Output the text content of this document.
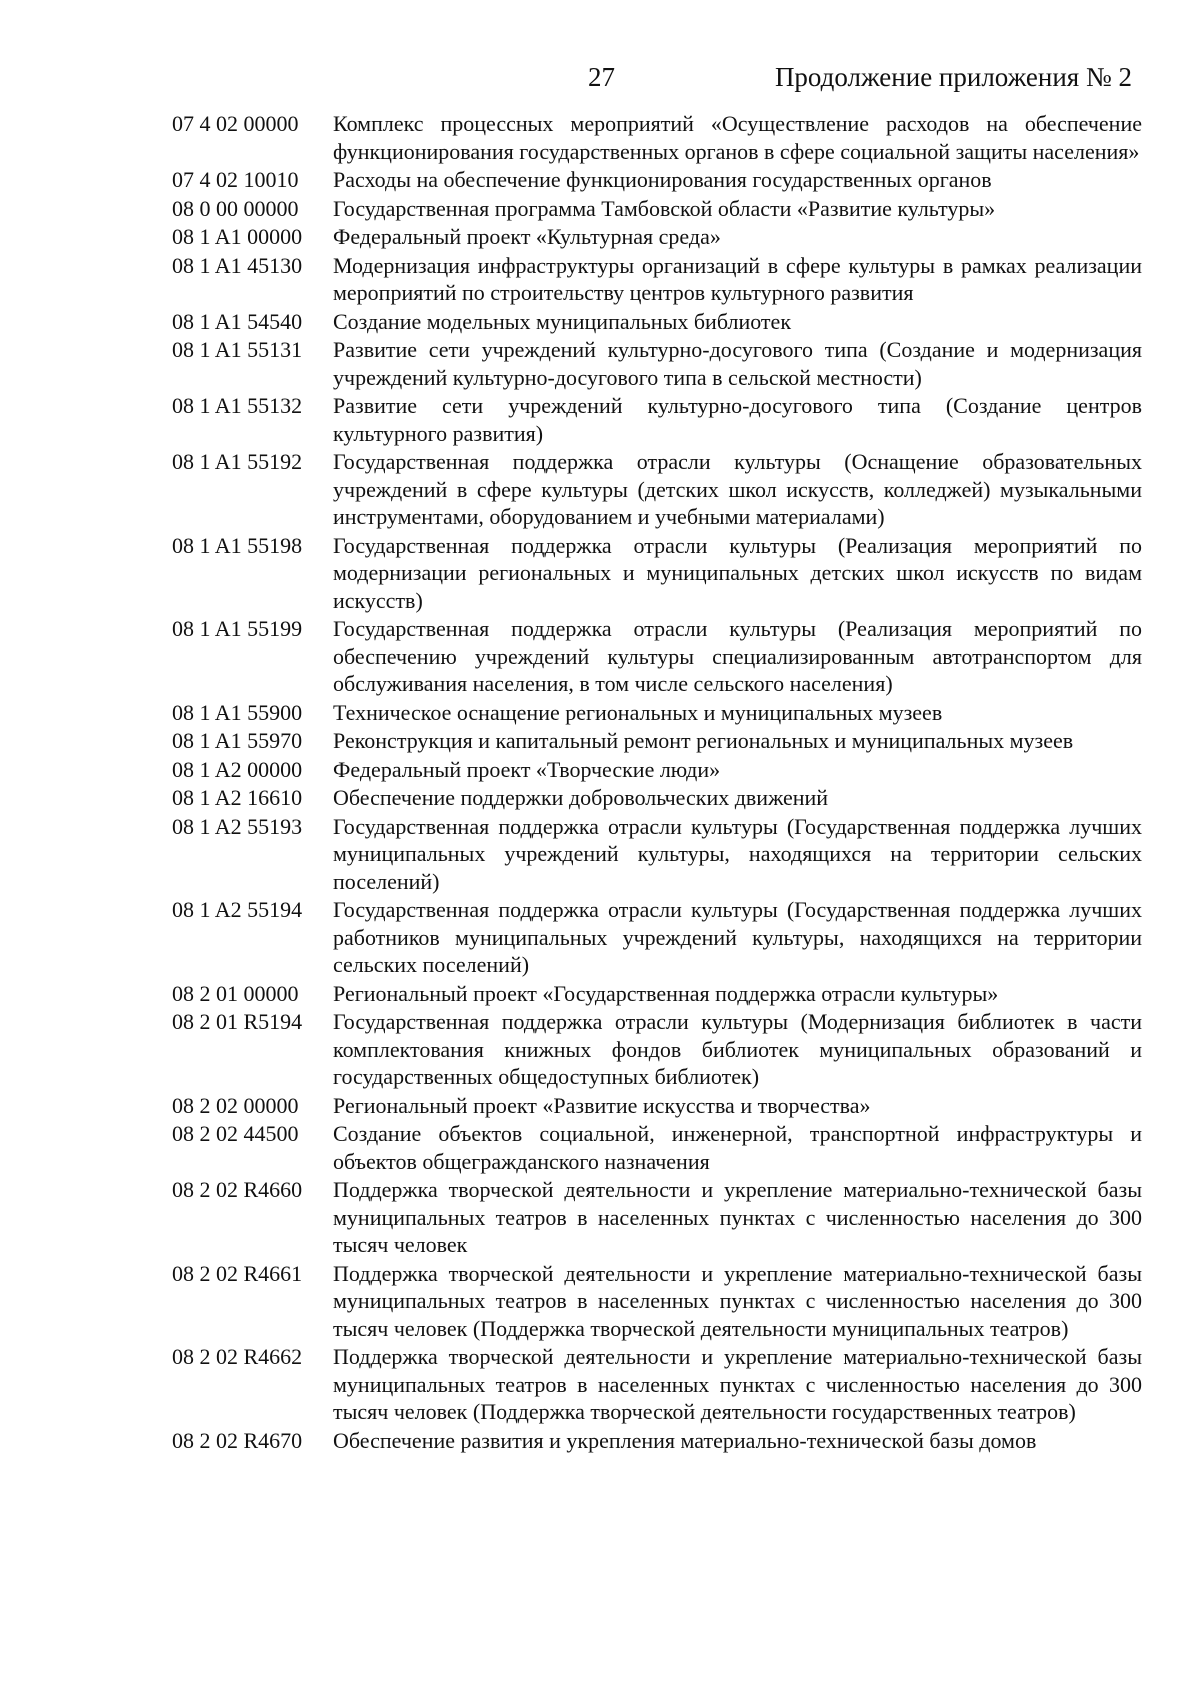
27	Продолжение приложения № 2
07 4 02 00000	Комплекс процессных мероприятий «Осуществление расходов на обеспечение функционирования государственных органов в сфере социальной защиты населения»
07 4 02 10010	Расходы на обеспечение функционирования государственных органов
08 0 00 00000	Государственная программа Тамбовской области «Развитие культуры»
08 1 A1 00000	Федеральный проект «Культурная среда»
08 1 A1 45130	Модернизация инфраструктуры организаций в сфере культуры в рамках реализации мероприятий по строительству центров культурного развития
08 1 A1 54540	Создание модельных муниципальных библиотек
08 1 A1 55131	Развитие сети учреждений культурно-досугового типа (Создание и модернизация учреждений культурно-досугового типа в сельской местности)
08 1 A1 55132	Развитие сети учреждений культурно-досугового типа (Создание центров культурного развития)
08 1 A1 55192	Государственная поддержка отрасли культуры (Оснащение образовательных учреждений в сфере культуры (детских школ искусств, колледжей) музыкальными инструментами, оборудованием и учебными материалами)
08 1 A1 55198	Государственная поддержка отрасли культуры (Реализация мероприятий по модернизации региональных и муниципальных детских школ искусств по видам искусств)
08 1 A1 55199	Государственная поддержка отрасли культуры (Реализация мероприятий по обеспечению учреждений культуры специализированным автотранспортом для обслуживания населения, в том числе сельского населения)
08 1 A1 55900	Техническое оснащение региональных и муниципальных музеев
08 1 A1 55970	Реконструкция и капитальный ремонт региональных и муниципальных музеев
08 1 A2 00000	Федеральный проект «Творческие люди»
08 1 A2 16610	Обеспечение поддержки добровольческих движений
08 1 A2 55193	Государственная поддержка отрасли культуры (Государственная поддержка лучших муниципальных учреждений культуры, находящихся на территории сельских поселений)
08 1 A2 55194	Государственная поддержка отрасли культуры (Государственная поддержка лучших работников муниципальных учреждений культуры, находящихся на территории сельских поселений)
08 2 01 00000	Региональный проект «Государственная поддержка отрасли культуры»
08 2 01 R5194	Государственная поддержка отрасли культуры (Модернизация библиотек в части комплектования книжных фондов библиотек муниципальных образований и государственных общедоступных библиотек)
08 2 02 00000	Региональный проект «Развитие искусства и творчества»
08 2 02 44500	Создание объектов социальной, инженерной, транспортной инфраструктуры и объектов общегражданского назначения
08 2 02 R4660	Поддержка творческой деятельности и укрепление материально-технической базы муниципальных театров в населенных пунктах с численностью населения до 300 тысяч человек
08 2 02 R4661	Поддержка творческой деятельности и укрепление материально-технической базы муниципальных театров в населенных пунктах с численностью населения до 300 тысяч человек (Поддержка творческой деятельности муниципальных театров)
08 2 02 R4662	Поддержка творческой деятельности и укрепление материально-технической базы муниципальных театров в населенных пунктах с численностью населения до 300 тысяч человек (Поддержка творческой деятельности государственных театров)
08 2 02 R4670	Обеспечение развития и укрепления материально-технической базы домов
